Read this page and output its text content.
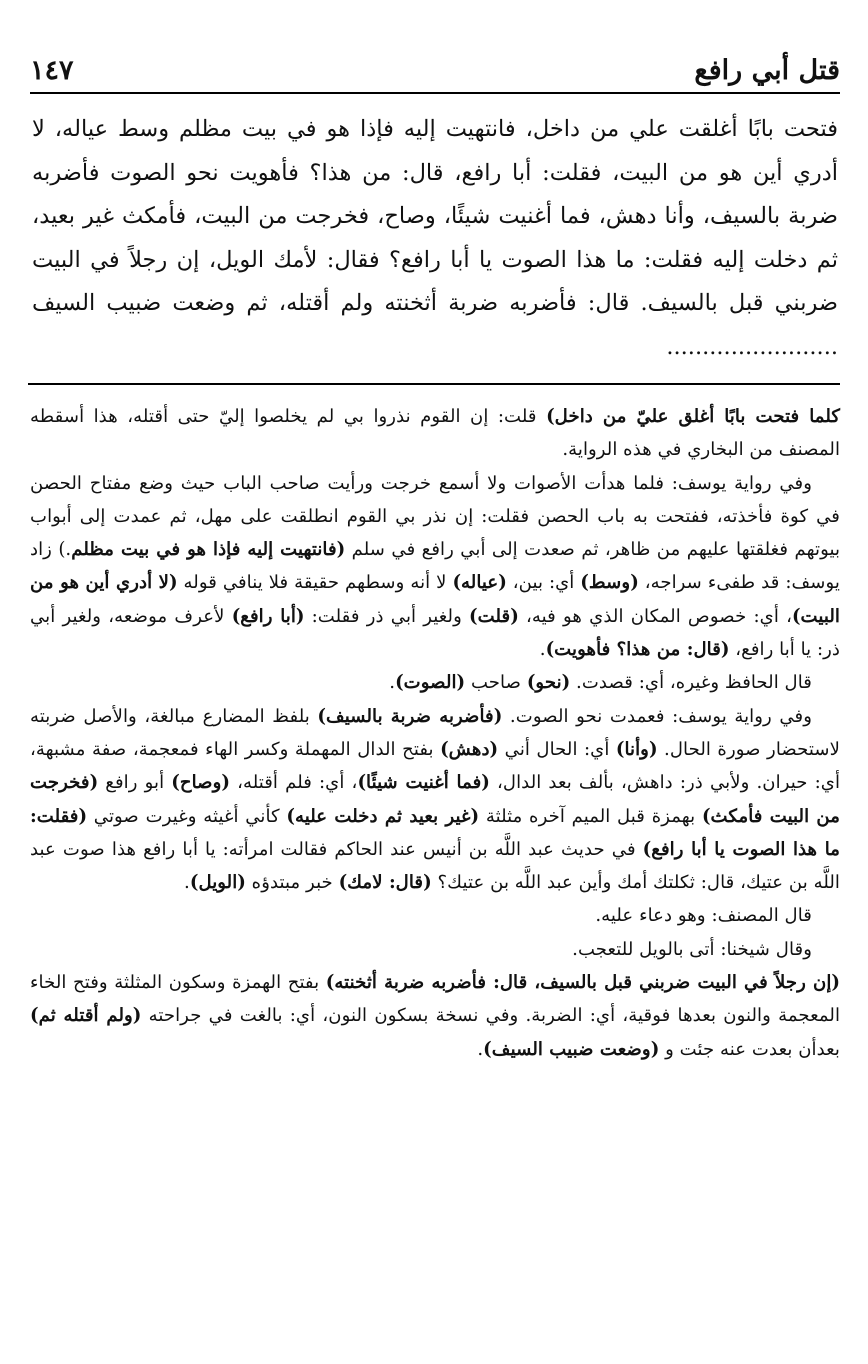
قتل أبي رافع
١٤٧

فتحت بابًا أغلقت علي من داخل، فانتهيت إليه فإذا هو في بيت مظلم وسط عياله، لا أدري أين هو من البيت، فقلت: أبا رافع، قال: من هذا؟ فأهويت نحو الصوت فأضربه ضربة بالسيف، وأنا دهش، فما أغنيت شيئًا، وصاح، فخرجت من البيت، فأمكث غير بعيد، ثم دخلت إليه فقلت: ما هذا الصوت يا أبا رافع؟ فقال: لأمك الويل، إن رجلاً في البيت ضربني قبل بالسيف. قال: فأضربه ضربة أثخنته ولم أقتله، ثم وضعت ضبيب السيف ........................

كلما فتحت بابًا أغلق عليّ من داخل) قلت: إن القوم نذروا بي لم يخلصوا إليّ حتى أقتله، هذا أسقطه المصنف من البخاري في هذه الرواية.

وفي رواية يوسف: فلما هدأت الأصوات ولا أسمع خرجت ورأيت صاحب الباب حيث وضع مفتاح الحصن في كوة فأخذته، ففتحت به باب الحصن فقلت: إن نذر بي القوم انطلقت على مهل، ثم عمدت إلى أبواب بيوتهم فغلقتها عليهم من ظاهر، ثم صعدت إلى أبي رافع في سلم (فانتهيت إليه فإذا هو في بيت مظلم.) زاد يوسف: قد طفىء سراجه، (وسط) أي: بين، (عياله) لا أنه وسطهم حقيقة فلا ينافي قوله (لا أدري أين هو من البيت)، أي: خصوص المكان الذي هو فيه، (قلت) ولغير أبي ذر فقلت: (أبا رافع) لأعرف موضعه، ولغير أبي ذر: يا أبا رافع، (قال: من هذا؟ فأهويت).

قال الحافظ وغيره، أي: قصدت. (نحو) صاحب (الصوت).

وفي رواية يوسف: فعمدت نحو الصوت. (فأضربه ضربة بالسيف) بلفظ المضارع مبالغة، والأصل ضربته لاستحضار صورة الحال. (وأنا) أي: الحال أني (دهش) بفتح الدال المهملة وكسر الهاء فمعجمة، صفة مشبهة، أي: حيران. ولأبي ذر: داهش، بألف بعد الدال، (فما أغنيت شيئًا)، أي: فلم أقتله، (وصاح) أبو رافع (فخرجت من البيت فأمكث) بهمزة قبل الميم آخره مثلثة (غير بعيد ثم دخلت عليه) كأني أغيثه وغيرت صوتي (فقلت: ما هذا الصوت يا أبا رافع) في حديث عبد اللَّه بن أنيس عند الحاكم فقالت امرأته: يا أبا رافع هذا صوت عبد اللَّه بن عتيك، قال: ثكلتك أمك وأين عبد اللَّه بن عتيك؟ (قال: لامك) خبر مبتدؤه (الويل).

قال المصنف: وهو دعاء عليه.

وقال شيخنا: أتى بالويل للتعجب.

(إن رجلاً في البيت ضربني قبل بالسيف، قال: فأضربه ضربة أثخنته) بفتح الهمزة وسكون المثلثة وفتح الخاء المعجمة والنون بعدها فوقية، أي: الضربة. وفي نسخة بسكون النون، أي: بالغت في جراحته (ولم أقتله ثم) بعدأن بعدت عنه جئت و (وضعت ضبيب السيف).
